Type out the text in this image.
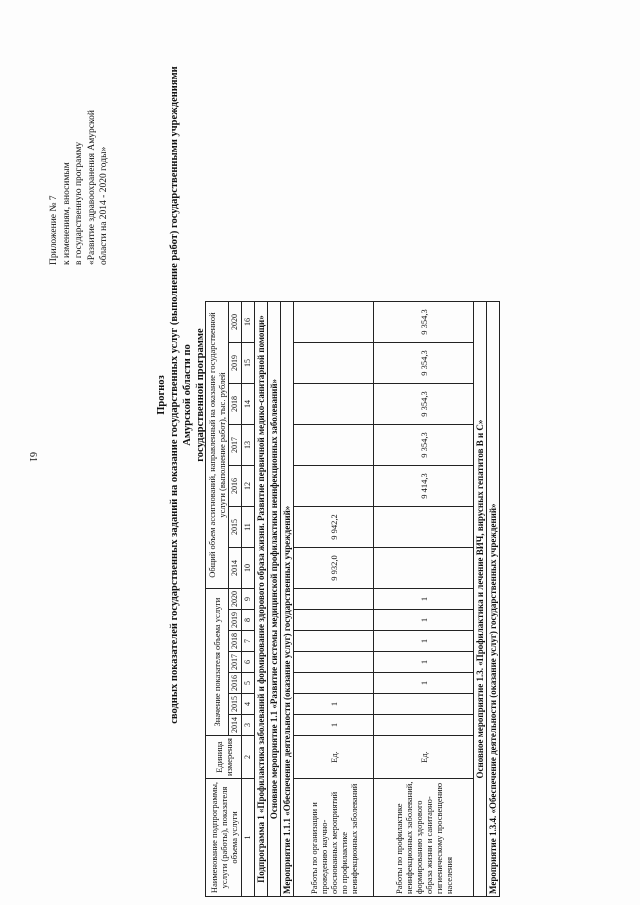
61
Приложение № 7 к изменениям, вносимым в государственную программу «Развитие здравоохранения Амурской области на 2014 - 2020 годы»
Прогноз сводных показателей государственных заданий на оказание государственных услуг (выполнение работ) государственными учреждениями Амурской области по государственной программе
Наименование подпрограммы, услуги (работы), показателя объема услуги	Единица измерения	Значение показателя объема услуги							Общий объем ассигнований, направленный на оказание государственной услуги (выполнение работ), тыс. рублей						
		2014	2015	2016	2017	2018	2019	2020	2014	2015	2016	2017	2018	2019	2020
1	2	3	4	5	6	7	8	9	10	11	12	13	14	15	16
Подпрограмма 1 «Профилактика заболеваний и формирование здорового образа жизни. Развитие первичной медико-санитарной помощи»															
Основное мероприятие 1.1 «Развитие системы медицинской профилактики неинфекционных заболеваний»															
Мероприятие 1.1.1 «Обеспечение деятельности (оказание услуг) государственных учреждений»															
Работы по организации и проведению научно-обоснованных мероприятий по профилактике неинфекционных заболеваний	Ед.	1	1						9 932,0	9 942,2					
Работы по профилактике неинфекционных заболеваний, формированию здорового образа жизни и санитарно-гигиеническому просвещению населения	Ед.			1	1	1	1	1			9 414,3	9 354,3	9 354,3	9 354,3	9 354,3
Основное мероприятие 1.3. «Профилактика и лечение ВИЧ, вирусных гепатитов В и С»															
Мероприятие 1.3.4. «Обеспечение деятельности (оказание услуг) государственных учреждений»															
